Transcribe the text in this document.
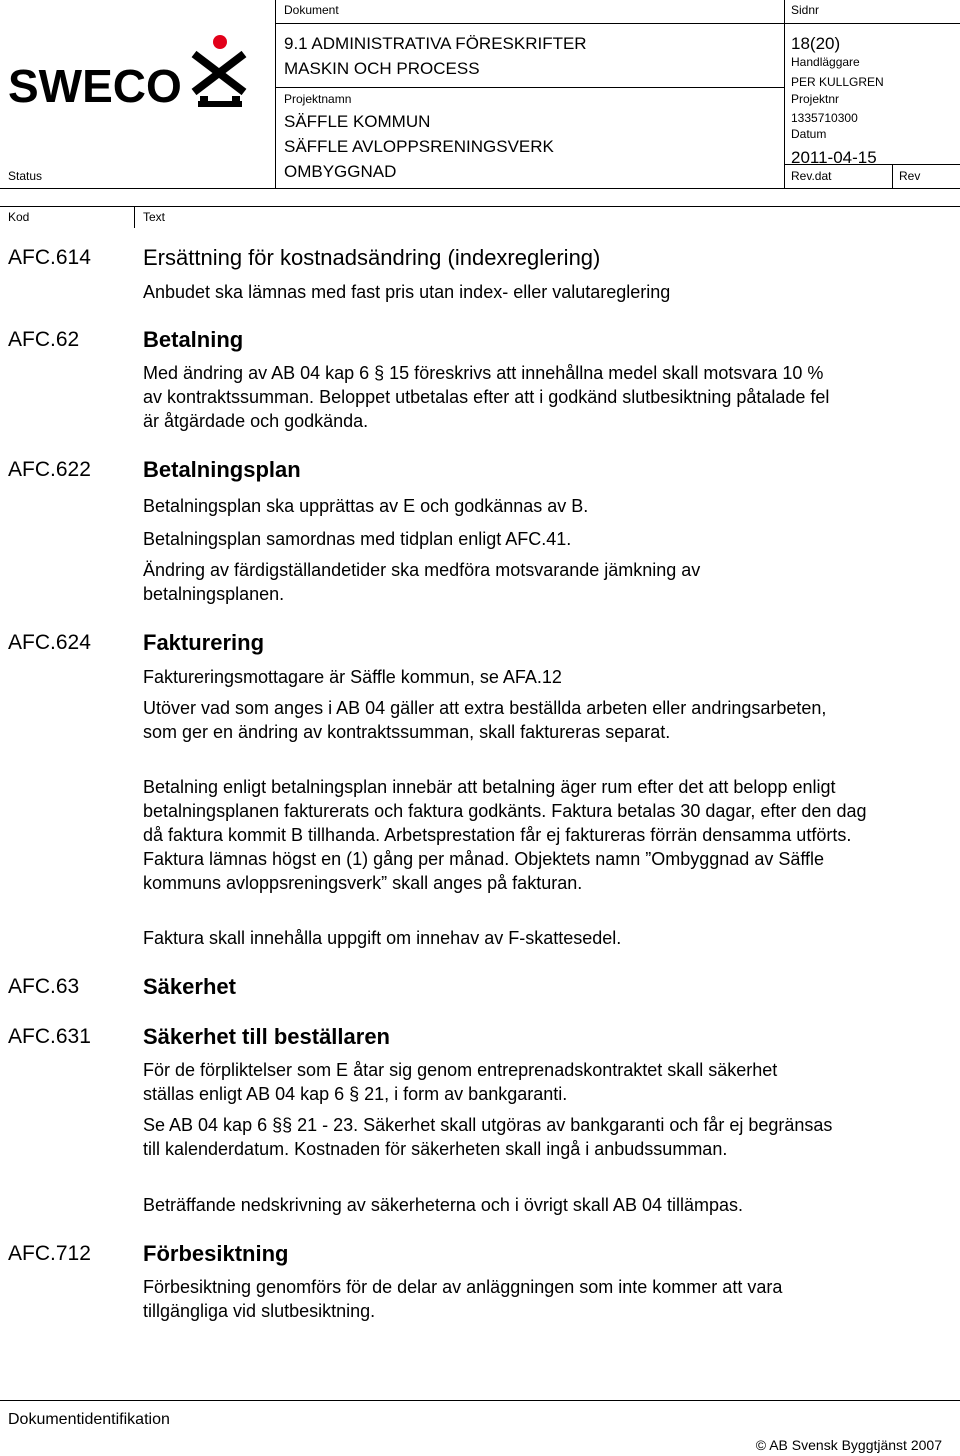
SWECO
Status
Dokument
9.1 ADMINISTRATIVA FÖRESKRIFTER
MASKIN OCH PROCESS
Projektnamn
SÄFFLE KOMMUN
SÄFFLE AVLOPPSRENINGSVERK
OMBYGGNAD
Sidnr
18(20)
Handläggare
PER KULLGREN
Projektnr
1335710300
Datum
2011-04-15
Rev.dat	Rev
Kod	Text
AFC.614 Ersättning för kostnadsändring (indexreglering)

Anbudet ska lämnas med fast pris utan index- eller valutareglering

AFC.62	Betalning

Med ändring av AB 04 kap 6 § 15 föreskrivs att innehållna medel skall motsvara 10 % av kontraktssumman. Beloppet utbetalas efter att i godkänd slutbesiktning påtalade fel är åtgärdade och godkända.

AFC.622 Betalningsplan

Betalningsplan ska upprättas av E och godkännas av B.

Betalningsplan samordnas med tidplan enligt AFC.41.

Ändring av färdigställandetider ska medföra motsvarande jämkning av betalningsplanen.

AFC.624 Fakturering

Faktureringsmottagare är Säffle kommun, se AFA.12

Utöver vad som anges i AB 04 gäller att extra beställda arbeten eller andringsarbeten, som ger en ändring av kontraktssumman, skall faktureras separat.

Betalning enligt betalningsplan innebär att betalning äger rum efter det att belopp enligt betalningsplanen fakturerats och faktura godkänts. Faktura betalas 30 dagar, efter den dag då faktura kommit B tillhanda. Arbetsprestation får ej faktureras förrän densamma utförts. Faktura lämnas högst en (1) gång per månad. Objektets namn ”Ombyggnad av Säffle kommuns avloppsreningsverk” skall anges på fakturan.

Faktura skall innehålla uppgift om innehav av F-skattesedel.

AFC.63	Säkerhet
AFC.631 Säkerhet till beställaren

För de förpliktelser som E åtar sig genom entreprenadskontraktet skall säkerhet ställas enligt AB 04 kap 6 § 21, i form av bankgaranti.

Se AB 04 kap 6 §§ 21 - 23. Säkerhet skall utgöras av bankgaranti och får ej begränsas till kalenderdatum. Kostnaden för säkerheten skall ingå i anbudssumman.

Beträffande nedskrivning av säkerheterna och i övrigt skall AB 04 tillämpas.

AFC.712 Förbesiktning

Förbesiktning genomförs för de delar av anläggningen som inte kommer att vara tillgängliga vid slutbesiktning.

Dokumentidentifikation
© AB Svensk Byggtjänst 2007
